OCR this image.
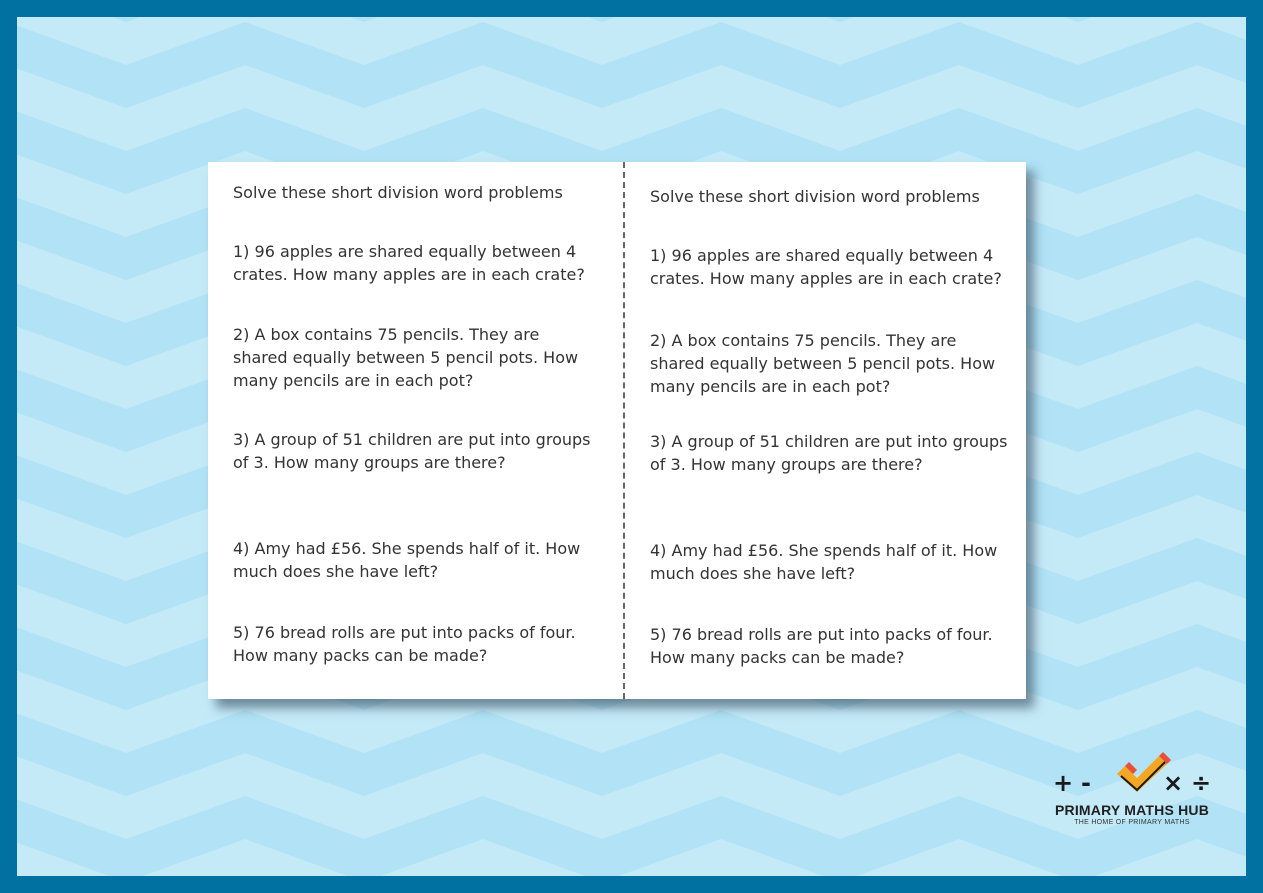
Solve these short division word problems

1) 96 apples are shared equally between 4 crates. How many apples are in each crate?

2) A box contains 75 pencils. They are shared equally between 5 pencil pots. How many pencils are in each pot?

3) A group of 51 children are put into groups of 3. How many groups are there?

4) Amy had £56. She spends half of it. How much does she have left?

5) 76 bread rolls are put into packs of four. How many packs can be made?

Solve these short division word problems

1) 96 apples are shared equally between 4 crates. How many apples are in each crate?

2) A box contains 75 pencils. They are shared equally between 5 pencil pots. How many pencils are in each pot?

3) A group of 51 children are put into groups of 3. How many groups are there?

4) Amy had £56. She spends half of it. How much does she have left?

5) 76 bread rolls are put into packs of four. How many packs can be made?

+ -	× ÷
PRIMARY MATHS HUB
THE HOME OF PRIMARY MATHS
